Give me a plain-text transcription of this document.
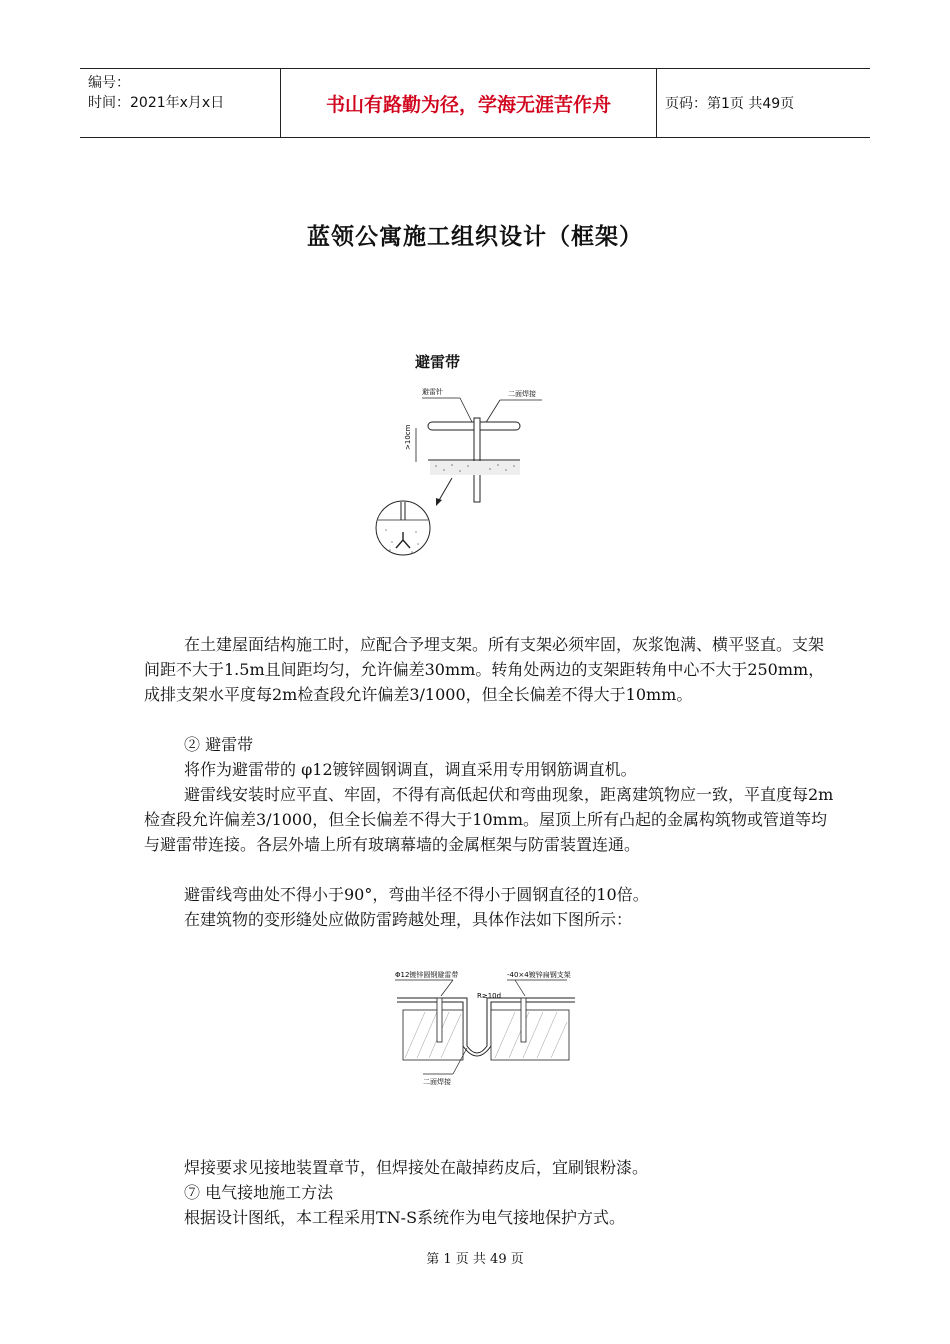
编号：
时间：2021年x月x日	书山有路勤为径，学海无涯苦作舟	页码：第1页 共49页
蓝领公寓施工组织设计（框架）
避雷带
避雷针	二面焊接
>10cm

在土建屋面结构施工时，应配合予埋支架。所有支架必须牢固，灰浆饱满、横平竖直。支架间距不大于1.5m且间距均匀，允许偏差30mm。转角处两边的支架距转角中心不大于250mm，成排支架水平度每2m检查段允许偏差3/1000，但全长偏差不得大于10mm。

② 避雷带

将作为避雷带的 φ12镀锌圆钢调直，调直采用专用钢筋调直机。

避雷线安装时应平直、牢固，不得有高低起伏和弯曲现象，距离建筑物应一致，平直度每2m检查段允许偏差3/1000，但全长偏差不得大于10mm。屋顶上所有凸起的金属构筑物或管道等均与避雷带连接。各层外墙上所有玻璃幕墙的金属框架与防雷装置连通。

避雷线弯曲处不得小于90°，弯曲半径不得小于圆钢直径的10倍。

在建筑物的变形缝处应做防雷跨越处理，具体作法如下图所示：

Φ12镀锌圆钢避雷带	-40×4镀锌扁钢支架
R≥10d
二面焊接

焊接要求见接地装置章节，但焊接处在敲掉药皮后，宜刷银粉漆。

⑦ 电气接地施工方法

根据设计图纸，本工程采用TN-S系统作为电气接地保护方式。

第 1 页 共 49 页
